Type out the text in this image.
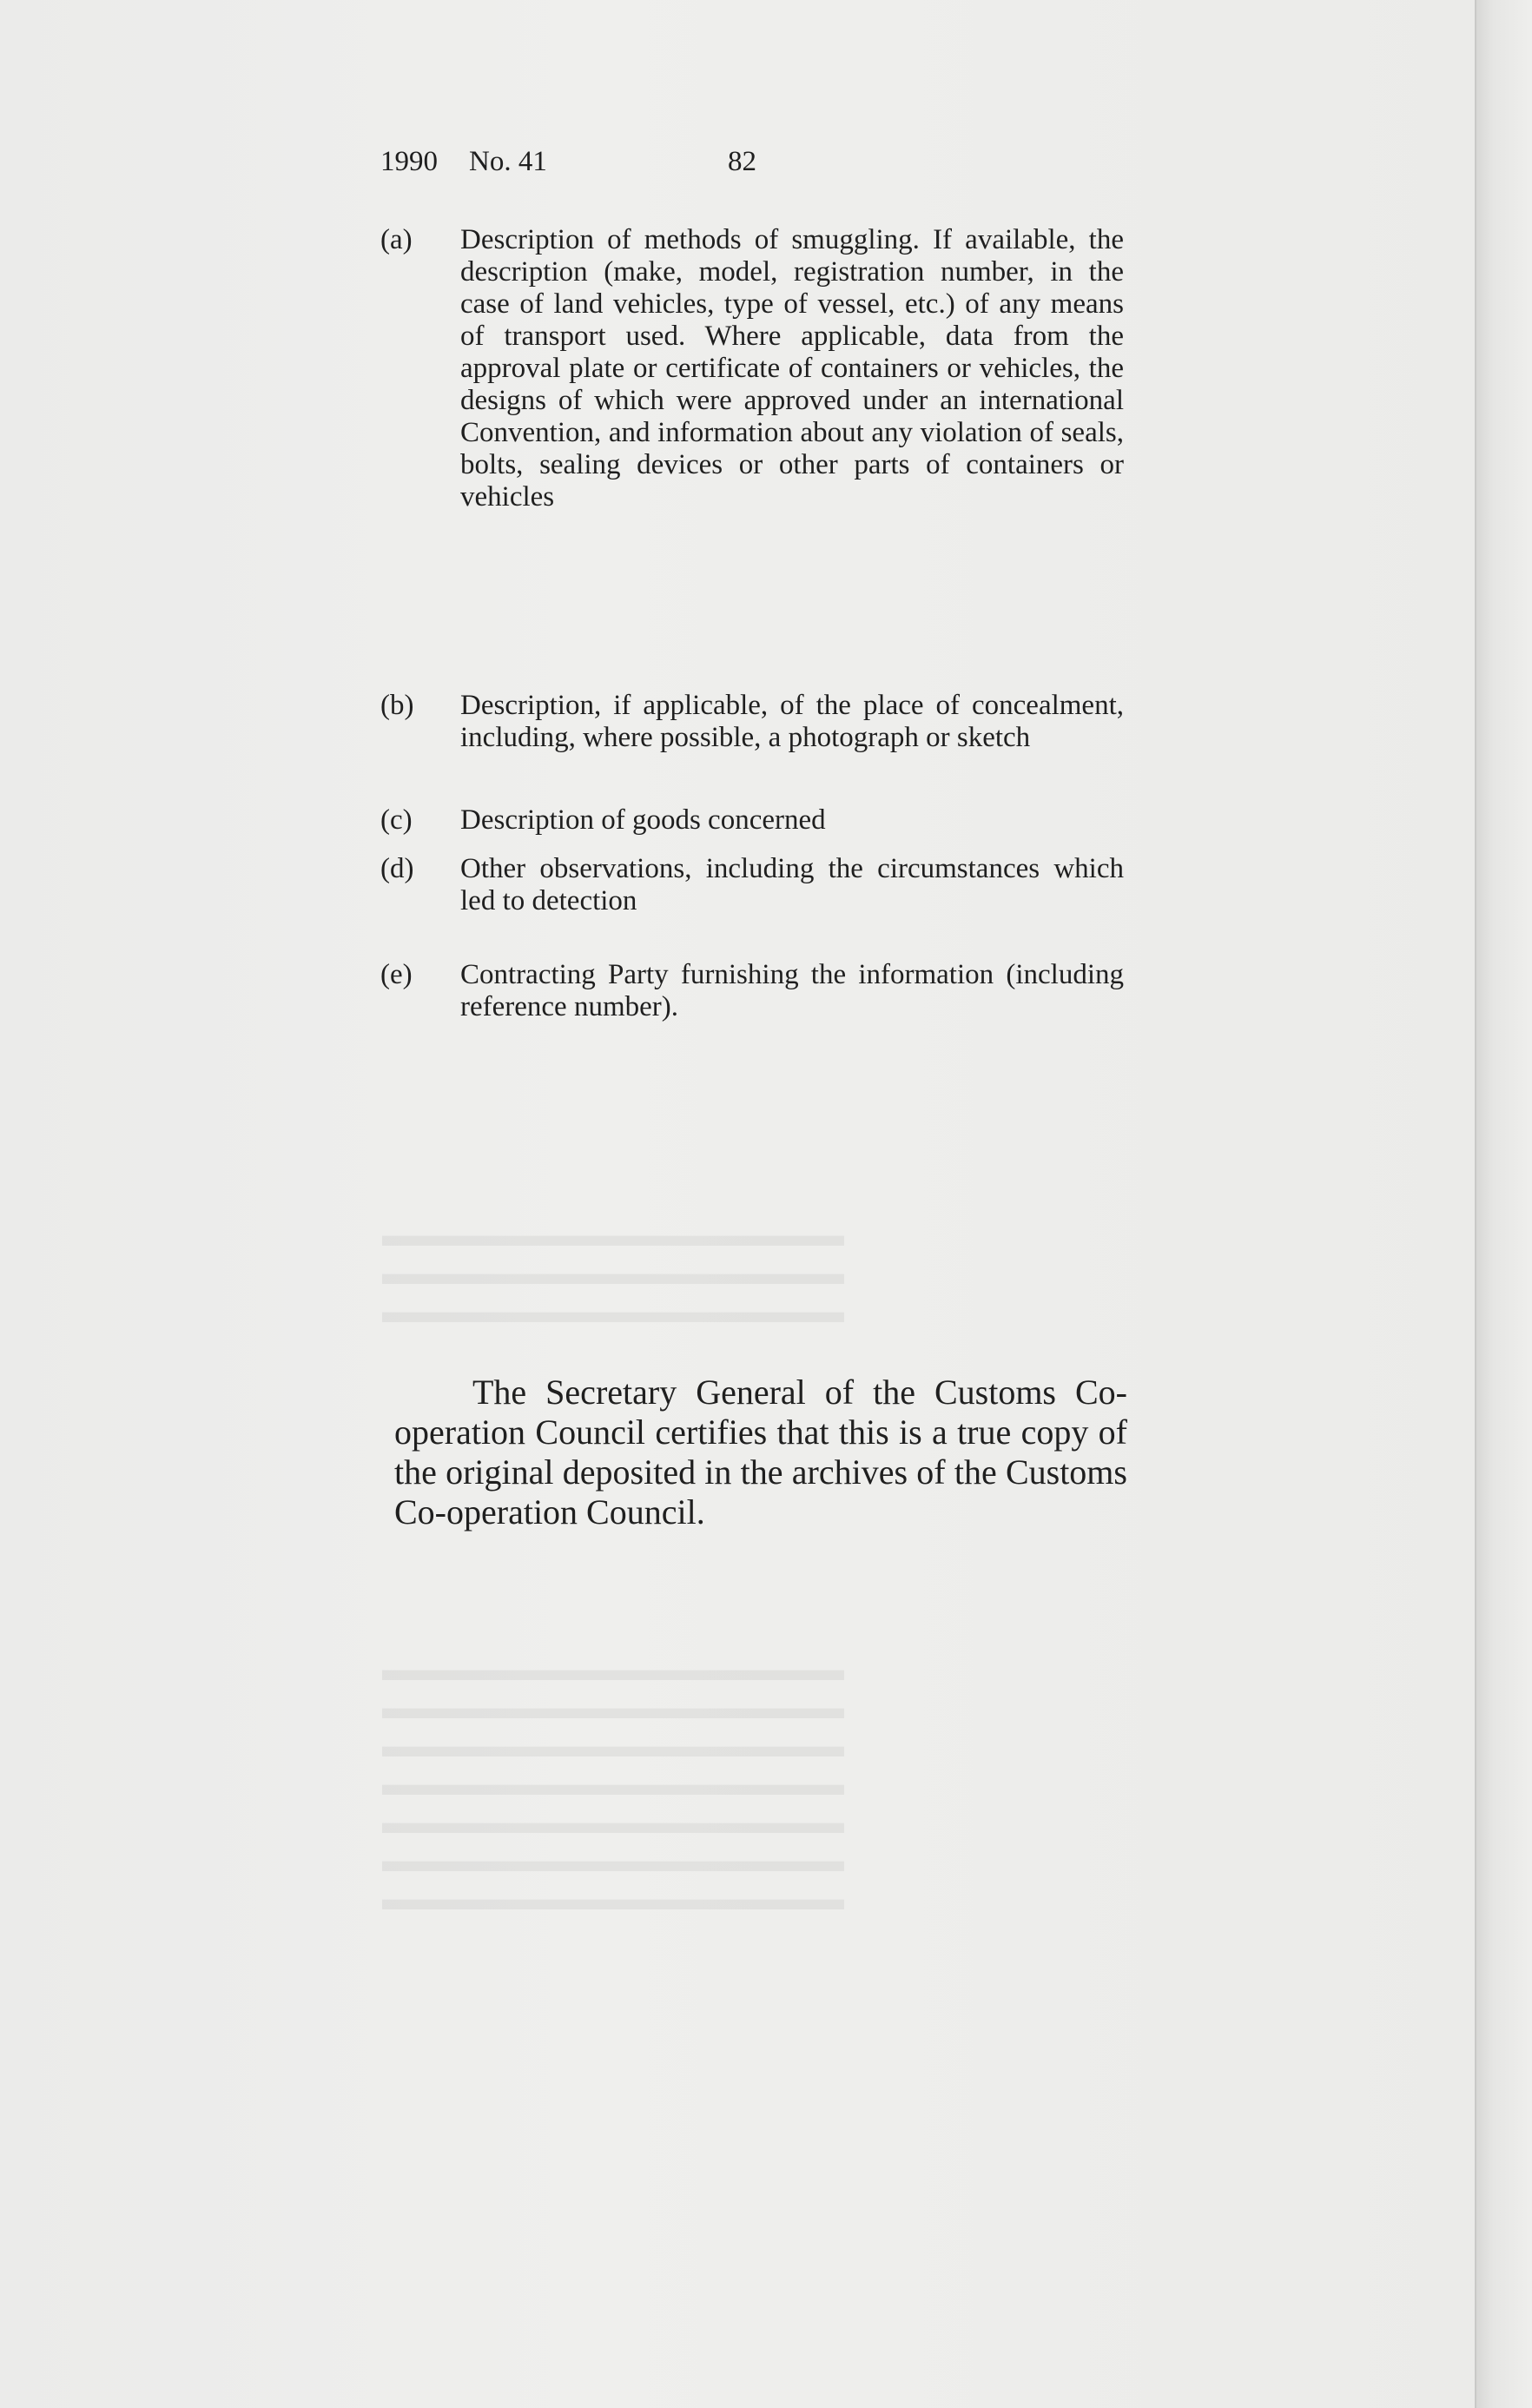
▬▬▬▬▬▬▬▬▬▬▬▬▬▬
▬▬▬▬▬▬▬▬▬▬▬▬▬▬
▬▬▬▬▬▬▬▬▬▬▬▬▬▬
▬▬▬▬▬▬▬▬▬▬▬▬▬▬
▬▬▬▬▬▬▬▬▬▬▬▬▬▬
▬▬▬▬▬▬▬▬▬▬▬▬▬▬
▬▬▬▬▬▬▬▬▬▬▬▬▬▬
▬▬▬▬▬▬▬▬▬▬▬▬▬▬
▬▬▬▬▬▬▬▬▬▬▬▬▬▬
▬▬▬▬▬▬▬▬▬▬▬▬▬▬
1990	No. 41	82
(a)	Description of methods of smuggling. If available, the description (make, model, registration number, in the case of land vehicles, type of vessel, etc.) of any means of transport used. Where applicable, data from the approval plate or certificate of containers or vehicles, the designs of which were approved under an international Convention, and information about any violation of seals, bolts, sealing devices or other parts of containers or vehicles
(b)	Description, if applicable, of the place of concealment, including, where possible, a photograph or sketch
(c)	Description of goods concerned
(d)	Other observations, including the circumstances which led to detection
(e)	Contracting Party furnishing the information (including reference number).

The Secretary General of the Customs Co-operation Council certifies that this is a true copy of the original deposited in the archives of the Customs Co-operation Council.
